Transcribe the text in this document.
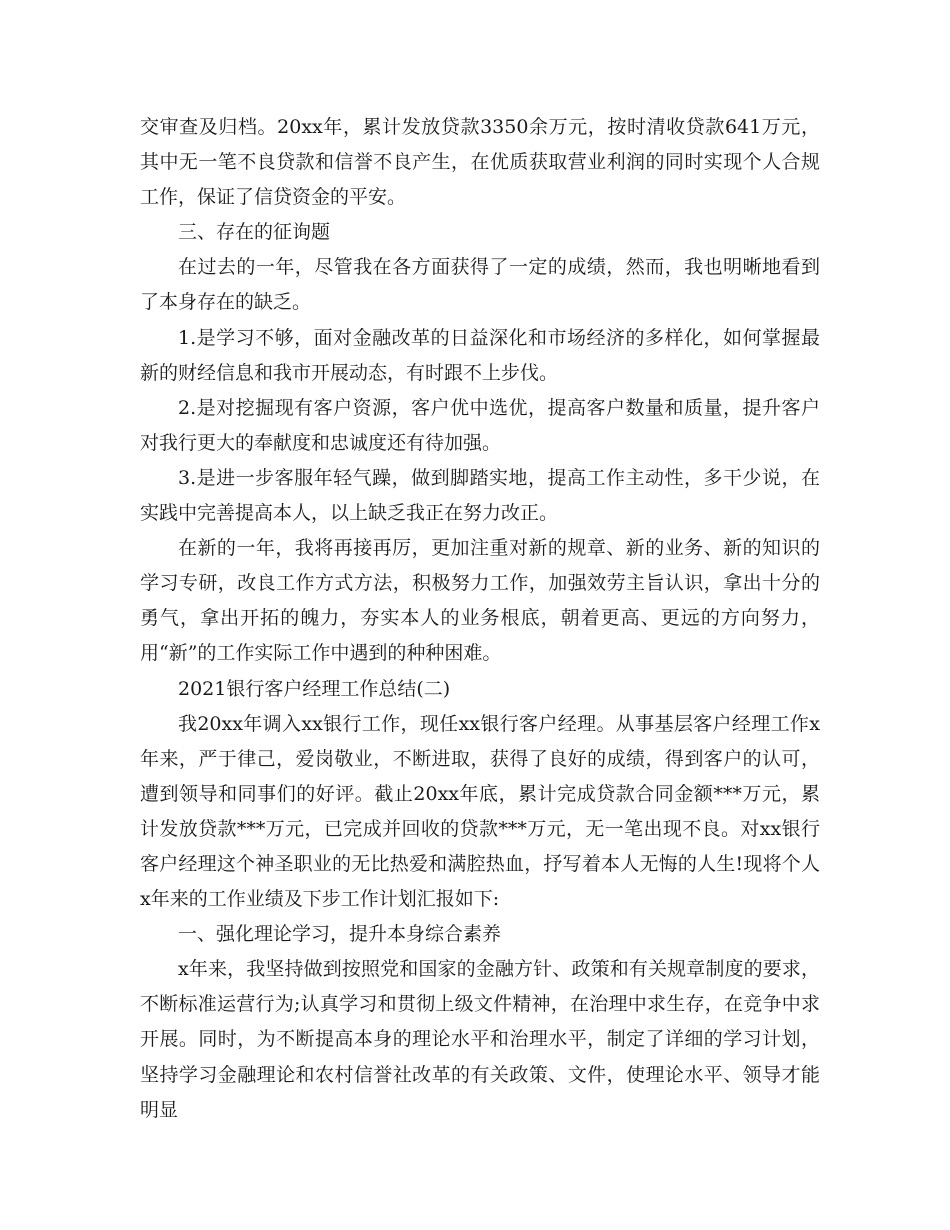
交审查及归档。20xx年，累计发放贷款3350余万元，按时清收贷款641万元，其中无一笔不良贷款和信誉不良产生，在优质获取营业利润的同时实现个人合规工作，保证了信贷资金的平安。

三、存在的征询题

在过去的一年，尽管我在各方面获得了一定的成绩，然而，我也明晰地看到了本身存在的缺乏。

1.是学习不够，面对金融改革的日益深化和市场经济的多样化，如何掌握最新的财经信息和我市开展动态，有时跟不上步伐。

2.是对挖掘现有客户资源，客户优中选优，提高客户数量和质量，提升客户对我行更大的奉献度和忠诚度还有待加强。

3.是进一步客服年轻气躁，做到脚踏实地，提高工作主动性，多干少说，在实践中完善提高本人，以上缺乏我正在努力改正。

在新的一年，我将再接再厉，更加注重对新的规章、新的业务、新的知识的学习专研，改良工作方式方法，积极努力工作，加强效劳主旨认识，拿出十分的勇气，拿出开拓的魄力，夯实本人的业务根底，朝着更高、更远的方向努力，用“新”的工作实际工作中遇到的种种困难。

2021银行客户经理工作总结(二)

我20xx年调入xx银行工作，现任xx银行客户经理。从事基层客户经理工作x年来，严于律己，爱岗敬业，不断进取，获得了良好的成绩，得到客户的认可，遭到领导和同事们的好评。截止20xx年底，累计完成贷款合同金额***万元，累计发放贷款***万元，已完成并回收的贷款***万元，无一笔出现不良。对xx银行客户经理这个神圣职业的无比热爱和满腔热血，抒写着本人无悔的人生!现将个人x年来的工作业绩及下步工作计划汇报如下:

一、强化理论学习，提升本身综合素养

x年来，我坚持做到按照党和国家的金融方针、政策和有关规章制度的要求，不断标准运营行为;认真学习和贯彻上级文件精神，在治理中求生存，在竞争中求开展。同时，为不断提高本身的理论水平和治理水平，制定了详细的学习计划，坚持学习金融理论和农村信誉社改革的有关政策、文件，使理论水平、领导才能明显
